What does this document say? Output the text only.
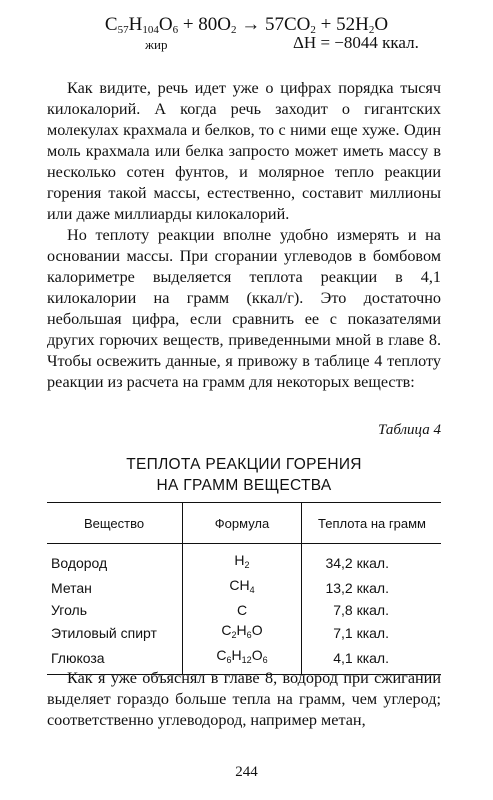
$C_{57}H_{104}O_6 + 80O_2 \to 57CO_2 + 52H_2O$
жир	ΔH = −8044 ккал.

Как видите, речь идет уже о цифрах порядка тысяч килокалорий. А когда речь заходит о гигантских молекулах крахмала и белков, то с ними еще хуже. Один моль крахмала или белка запросто может иметь массу в несколько сотен фунтов, и молярное тепло реакции горения такой массы, естественно, составит миллионы или даже миллиарды килокалорий.

Но теплоту реакции вполне удобно измерять и на основании массы. При сгорании углеводов в бомбовом калориметре выделяется теплота реакции в 4,1 килокалории на грамм (ккал/г). Это достаточно небольшая цифра, если сравнить ее с показателями других горючих веществ, приведенными мной в главе 8. Чтобы освежить данные, я привожу в таблице 4 теплоту реакции из расчета на грамм для некоторых веществ:

Таблица 4
ТЕПЛОТА РЕАКЦИИ ГОРЕНИЯ
НА ГРАММ ВЕЩЕСТВА
Вещество	Формула	Теплота на грамм
Водород	$H_2$	34,2 ккал.
Метан	$CH_4$	13,2 ккал.
Уголь	C	7,8 ккал.
Этиловый спирт	$C_2H_6O$	7,1 ккал.
Глюкоза	$C_6H_{12}O_6$	4,1 ккал.

Как я уже объяснял в главе 8, водород при сжигании выделяет гораздо больше тепла на грамм, чем углерод; соответственно углеводород, например метан,

244
